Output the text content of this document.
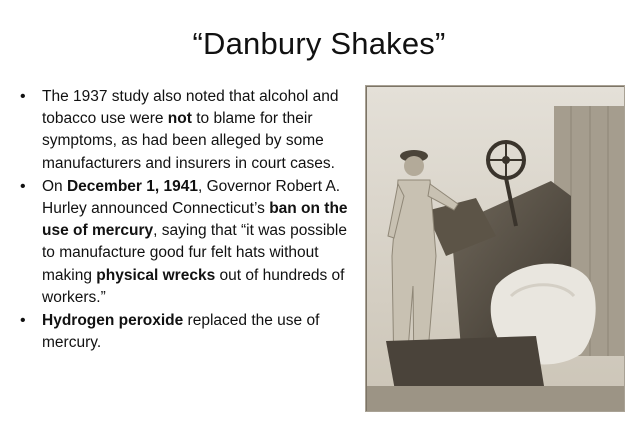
“Danbury Shakes”
• The 1937 study also noted that alcohol and tobacco use were not to blame for their symptoms, as had been alleged by some manufacturers and insurers in court cases.
• On December 1, 1941, Governor Robert A. Hurley announced Connecticut’s ban on the use of mercury, saying that “it was possible to manufacture good fur felt hats without making physical wrecks out of hundreds of workers.”
• Hydrogen peroxide replaced the use of mercury.
